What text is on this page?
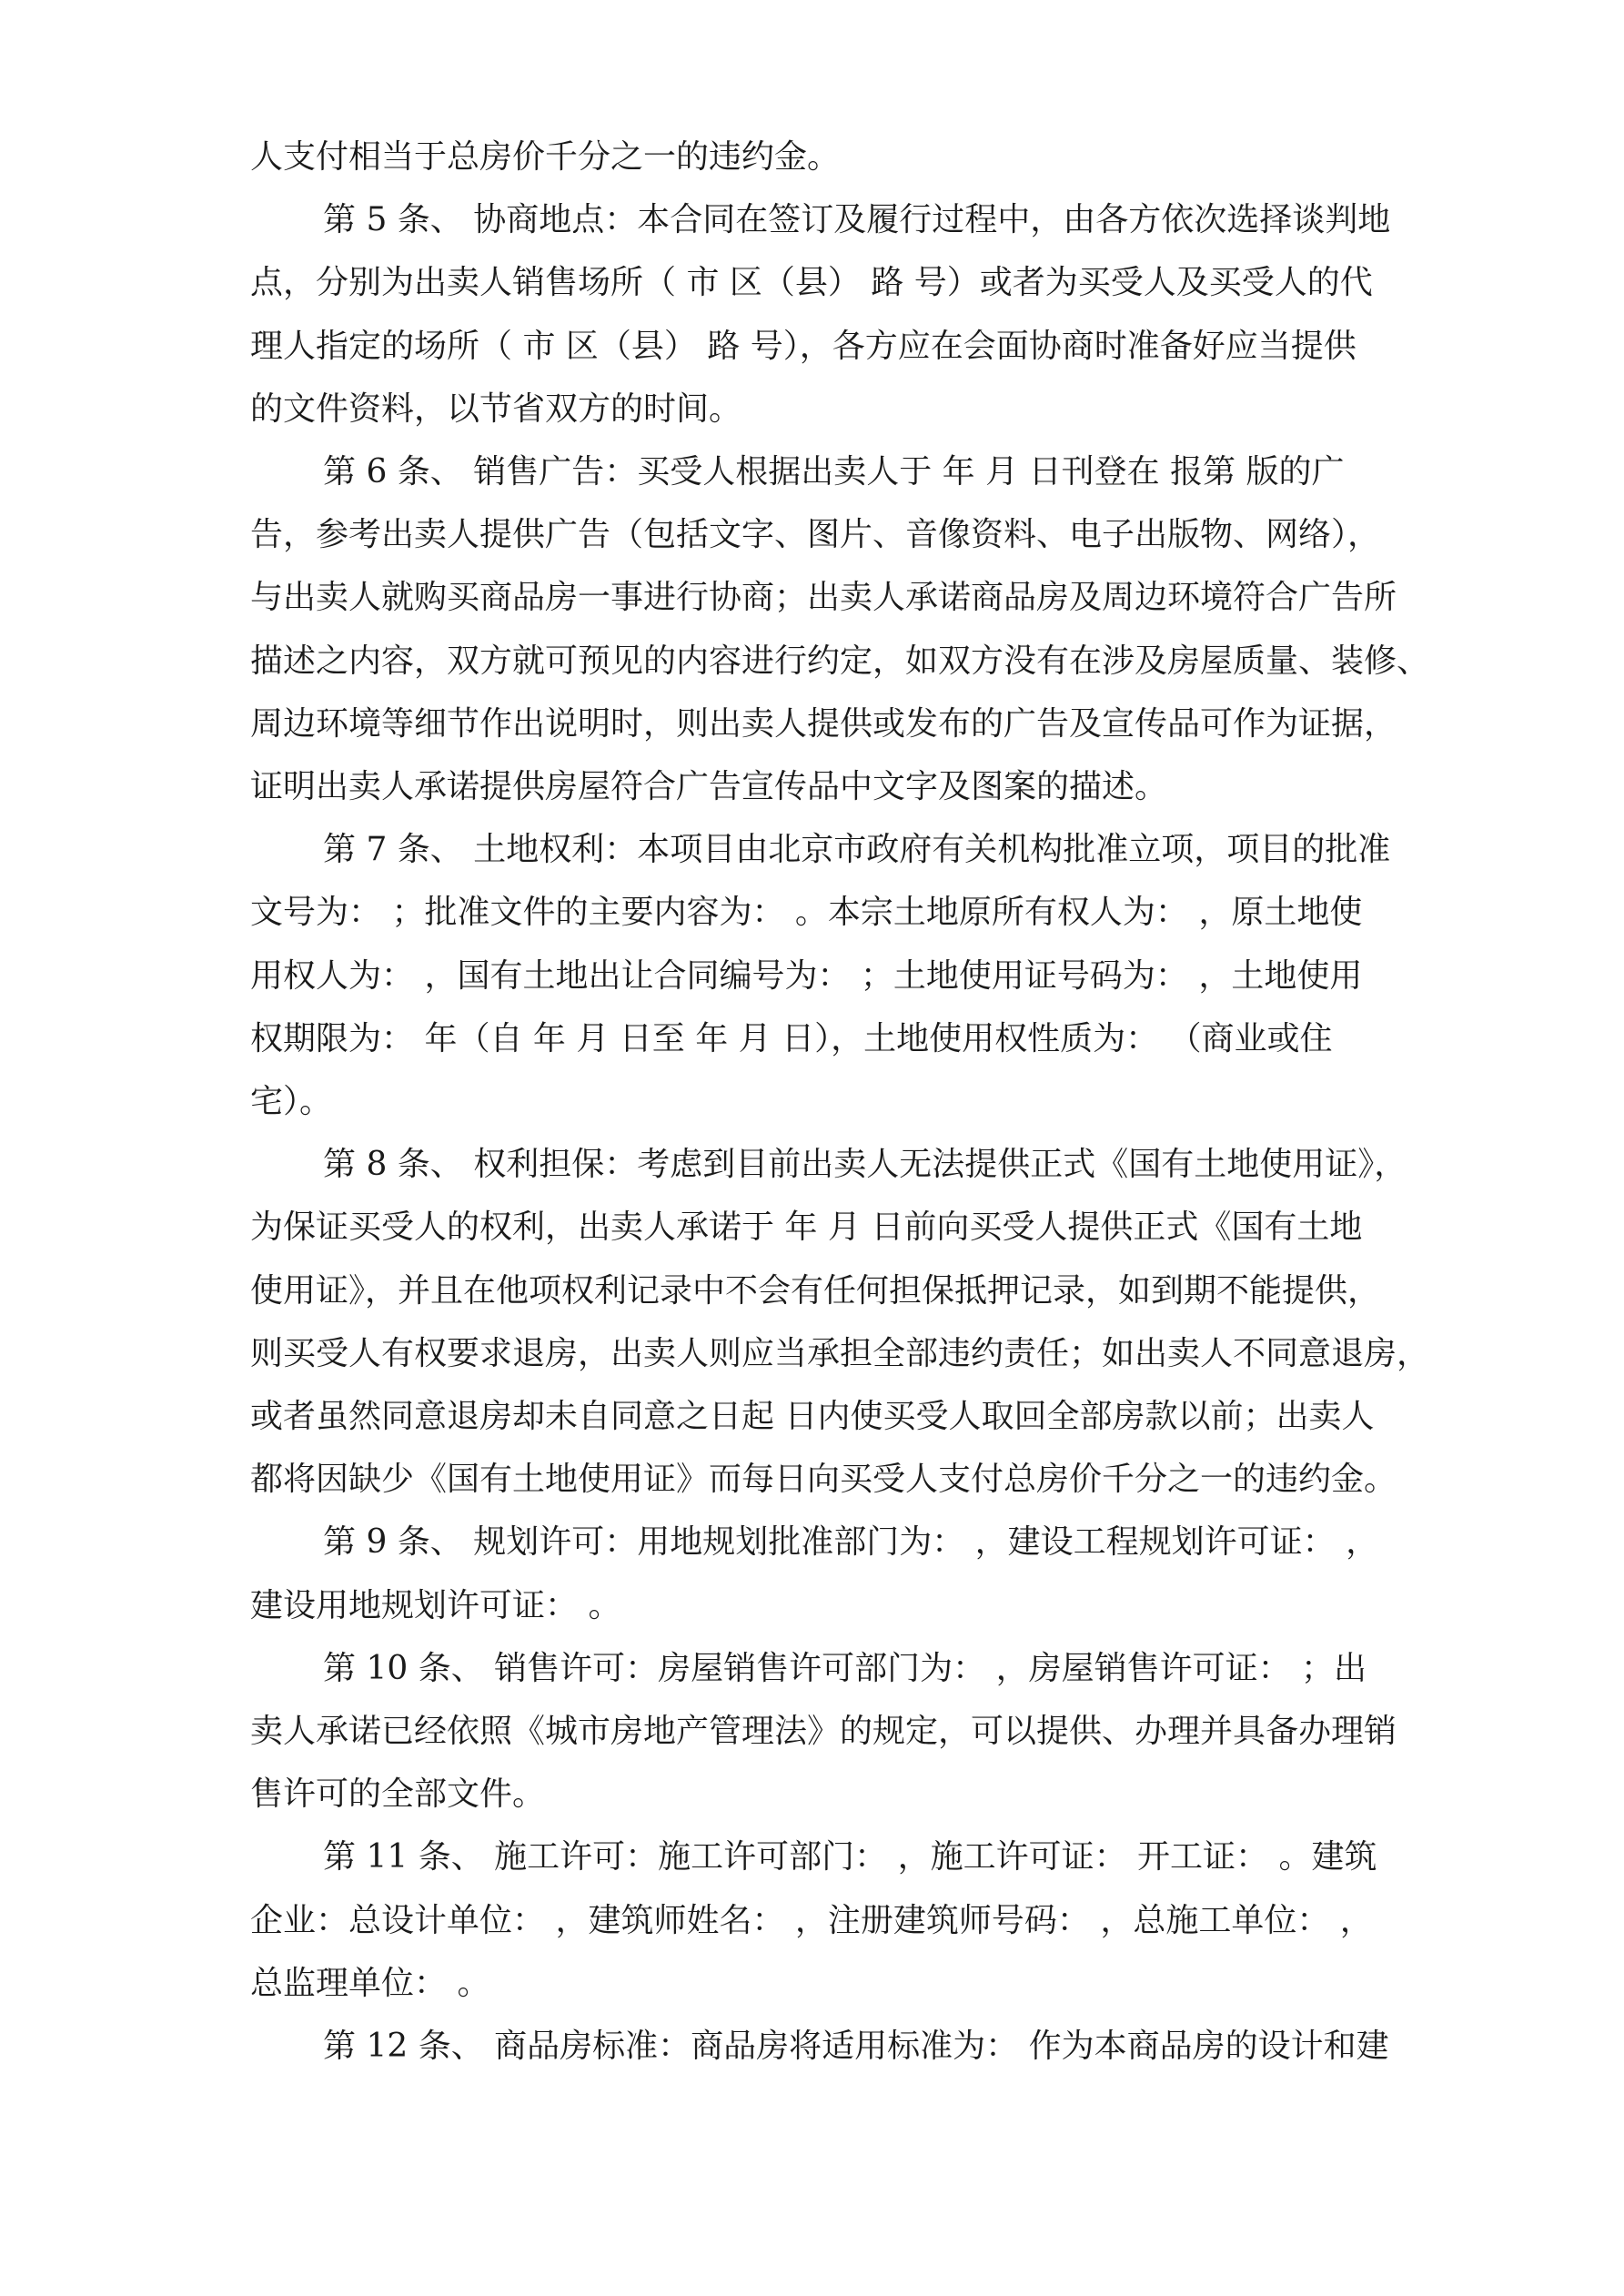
人支付相当于总房价千分之一的违约金。
第 5 条、 协商地点：本合同在签订及履行过程中，由各方依次选择谈判地
点，分别为出卖人销售场所（ 市 区（县） 路 号）或者为买受人及买受人的代
理人指定的场所（ 市 区（县） 路 号），各方应在会面协商时准备好应当提供
的文件资料，以节省双方的时间。
第 6 条、 销售广告：买受人根据出卖人于 年 月 日刊登在 报第 版的广
告，参考出卖人提供广告（包括文字、图片、音像资料、电子出版物、网络），
与出卖人就购买商品房一事进行协商；出卖人承诺商品房及周边环境符合广告所
描述之内容，双方就可预见的内容进行约定，如双方没有在涉及房屋质量、装修、
周边环境等细节作出说明时，则出卖人提供或发布的广告及宣传品可作为证据，
证明出卖人承诺提供房屋符合广告宣传品中文字及图案的描述。
第 7 条、 土地权利：本项目由北京市政府有关机构批准立项，项目的批准
文号为： ；批准文件的主要内容为： 。本宗土地原所有权人为： ，原土地使
用权人为： ，国有土地出让合同编号为： ；土地使用证号码为： ，土地使用
权期限为： 年（自 年 月 日至 年 月 日），土地使用权性质为： （商业或住
宅）。
第 8 条、 权利担保：考虑到目前出卖人无法提供正式《国有土地使用证》，
为保证买受人的权利，出卖人承诺于 年 月 日前向买受人提供正式《国有土地
使用证》，并且在他项权利记录中不会有任何担保抵押记录，如到期不能提供，
则买受人有权要求退房，出卖人则应当承担全部违约责任；如出卖人不同意退房，
或者虽然同意退房却未自同意之日起 日内使买受人取回全部房款以前；出卖人
都将因缺少《国有土地使用证》而每日向买受人支付总房价千分之一的违约金。
第 9 条、 规划许可：用地规划批准部门为： ，建设工程规划许可证： ，
建设用地规划许可证： 。
第 10 条、 销售许可：房屋销售许可部门为： ，房屋销售许可证： ；出
卖人承诺已经依照《城市房地产管理法》的规定，可以提供、办理并具备办理销
售许可的全部文件。
第 11 条、 施工许可：施工许可部门： ，施工许可证： 开工证： 。建筑
企业：总设计单位： ，建筑师姓名： ，注册建筑师号码： ，总施工单位： ，
总监理单位： 。
第 12 条、 商品房标准：商品房将适用标准为： 作为本商品房的设计和建
